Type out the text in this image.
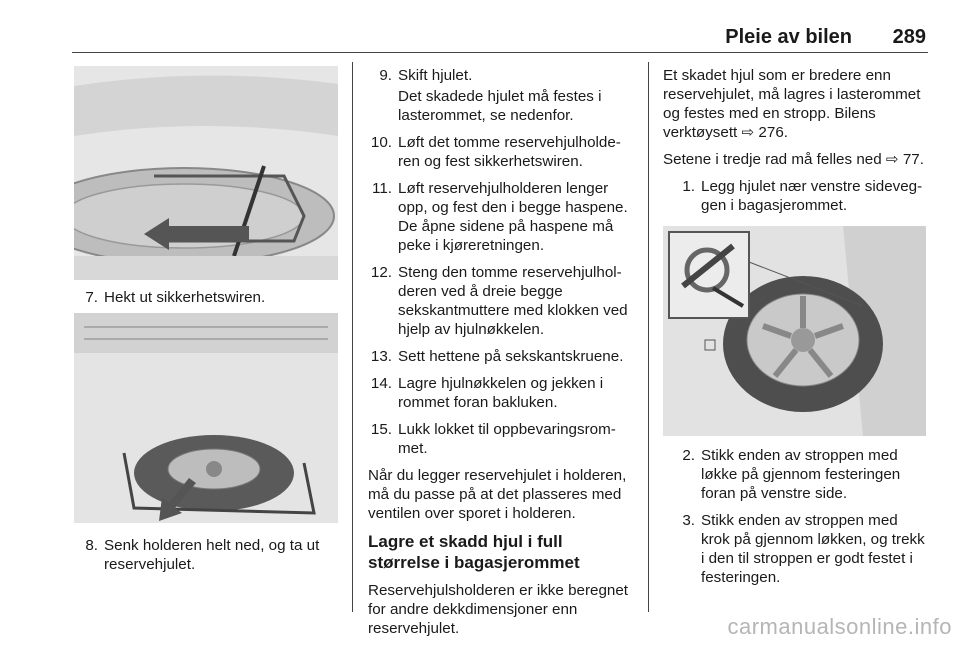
Pleie av bilen 289
7. Hekt ut sikkerhetswiren.
8. Senk holderen helt ned, og ta ut reservehjulet.
9. Skift hjulet.
Det skadede hjulet må festes i lasterommet, se nedenfor.
10. Løft det tomme reservehjulholderen og fest sikkerhetswiren.
11. Løft reservehjulholderen lenger opp, og fest den i begge haspene. De åpne sidene på haspene må peke i kjøreretningen.
12. Steng den tomme reservehjulholderen ved å dreie begge sekskantmuttere med klokken ved hjelp av hjulnøkkelen.
13. Sett hettene på sekskantskruene.
14. Lagre hjulnøkkelen og jekken i rommet foran bakluken.
15. Lukk lokket til oppbevaringsrommet.
Når du legger reservehjulet i holderen, må du passe på at det plasseres med ventilen over sporet i holderen.
Lagre et skadd hjul i full størrelse i bagasjerommet
Reservehjulsholderen er ikke beregnet for andre dekkdimensjoner enn reservehjulet.
Et skadet hjul som er bredere enn reservehjulet, må lagres i lasterommet og festes med en stropp. Bilens verktøysett ⇨ 276.
Setene i tredje rad må felles ned ⇨ 77.
1. Legg hjulet nær venstre sideveggen i bagasjerommet.
2. Stikk enden av stroppen med løkke på gjennom festeringen foran på venstre side.
3. Stikk enden av stroppen med krok på gjennom løkken, og trekk i den til stroppen er godt festet i festeringen.
carmanualsonline.info
